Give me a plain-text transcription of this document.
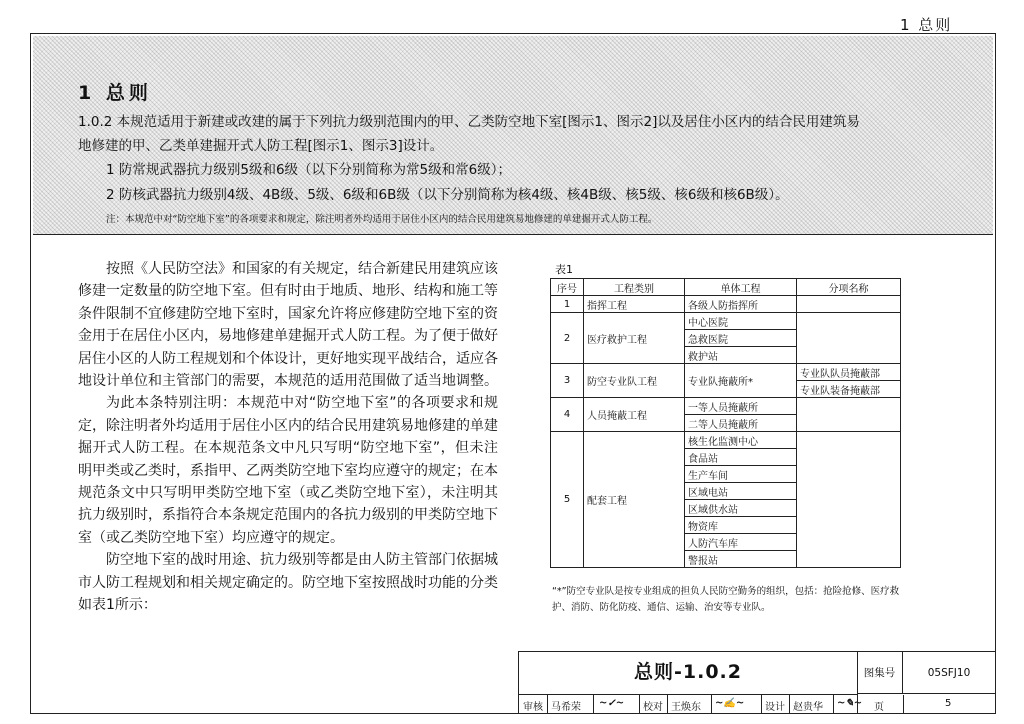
1 总则
1 总则
1.0.2 本规范适用于新建或改建的属于下列抗力级别范围内的甲、乙类防空地下室[图示1、图示2]以及居住小区内的结合民用建筑易
地修建的甲、乙类单建掘开式人防工程[图示1、图示3]设计。
1 防常规武器抗力级别5级和6级（以下分别简称为常5级和常6级）；
2 防核武器抗力级别4级、4B级、5级、6级和6B级（以下分别简称为核4级、核4B级、核5级、核6级和核6B级）。
注：本规范中对“防空地下室”的各项要求和规定，除注明者外均适用于居住小区内的结合民用建筑易地修建的单建掘开式人防工程。

按照《人民防空法》和国家的有关规定，结合新建民用建筑应该修建一定数量的防空地下室。但有时由于地质、地形、结构和施工等条件限制不宜修建防空地下室时，国家允许将应修建防空地下室的资金用于在居住小区内，易地修建单建掘开式人防工程。为了便于做好居住小区的人防工程规划和个体设计，更好地实现平战结合，适应各地设计单位和主管部门的需要，本规范的适用范围做了适当地调整。

为此本条特别注明：本规范中对“防空地下室”的各项要求和规定，除注明者外均适用于居住小区内的结合民用建筑易地修建的单建掘开式人防工程。在本规范条文中凡只写明“防空地下室”，但未注明甲类或乙类时，系指甲、乙两类防空地下室均应遵守的规定；在本规范条文中只写明甲类防空地下室（或乙类防空地下室），未注明其抗力级别时，系指符合本条规定范围内的各抗力级别的甲类防空地下室（或乙类防空地下室）均应遵守的规定。

防空地下室的战时用途、抗力级别等都是由人防主管部门依据城市人防工程规划和相关规定确定的。防空地下室按照战时功能的分类如表1所示：

表1
序号	工程类别	单体工程	分项名称
1	指挥工程	各级人防指挥所	
2	医疗救护工程	中心医院	
		急救医院	
		救护站	
3	防空专业队工程	专业队掩蔽所*	专业队队员掩蔽部
			专业队装备掩蔽部
4	人员掩蔽工程	一等人员掩蔽所	
		二等人员掩蔽所	
5	配套工程	核生化监测中心	
		食品站	
		生产车间	
		区域电站	
		区域供水站	
		物资库	
		人防汽车库	
		警报站	
“*”防空专业队是按专业组成的担负人民防空勤务的组织，包括：抢险抢修、医疗救护、消防、防化防疫、通信、运输、治安等专业队。
总则-1.0.2	图集号	05SFJ10
审核 马希荣 ~✓~ 校对 王焕东 ~✍~ 设计 赵贵华 ~✎~ 页	5
